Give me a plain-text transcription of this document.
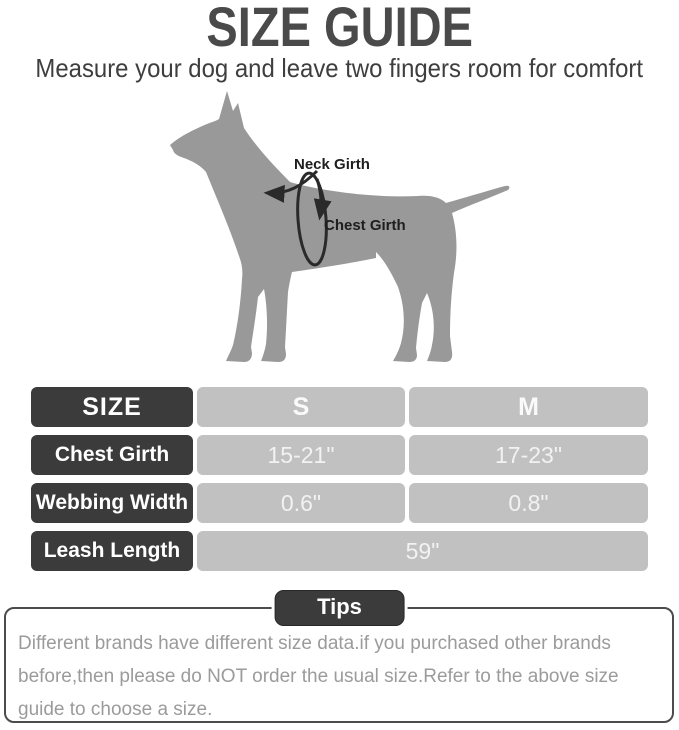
SIZE GUIDE
Measure your dog and leave two fingers room for comfort
Neck Girth
Chest Girth
SIZE	S	M
Chest Girth	15-21"	17-23"
Webbing Width	0.6"	0.8"
Leash Length	59"
Tips
Different brands have different size data.if you purchased other brands before,then please do NOT order the usual size.Refer to the above size guide to choose a size.
